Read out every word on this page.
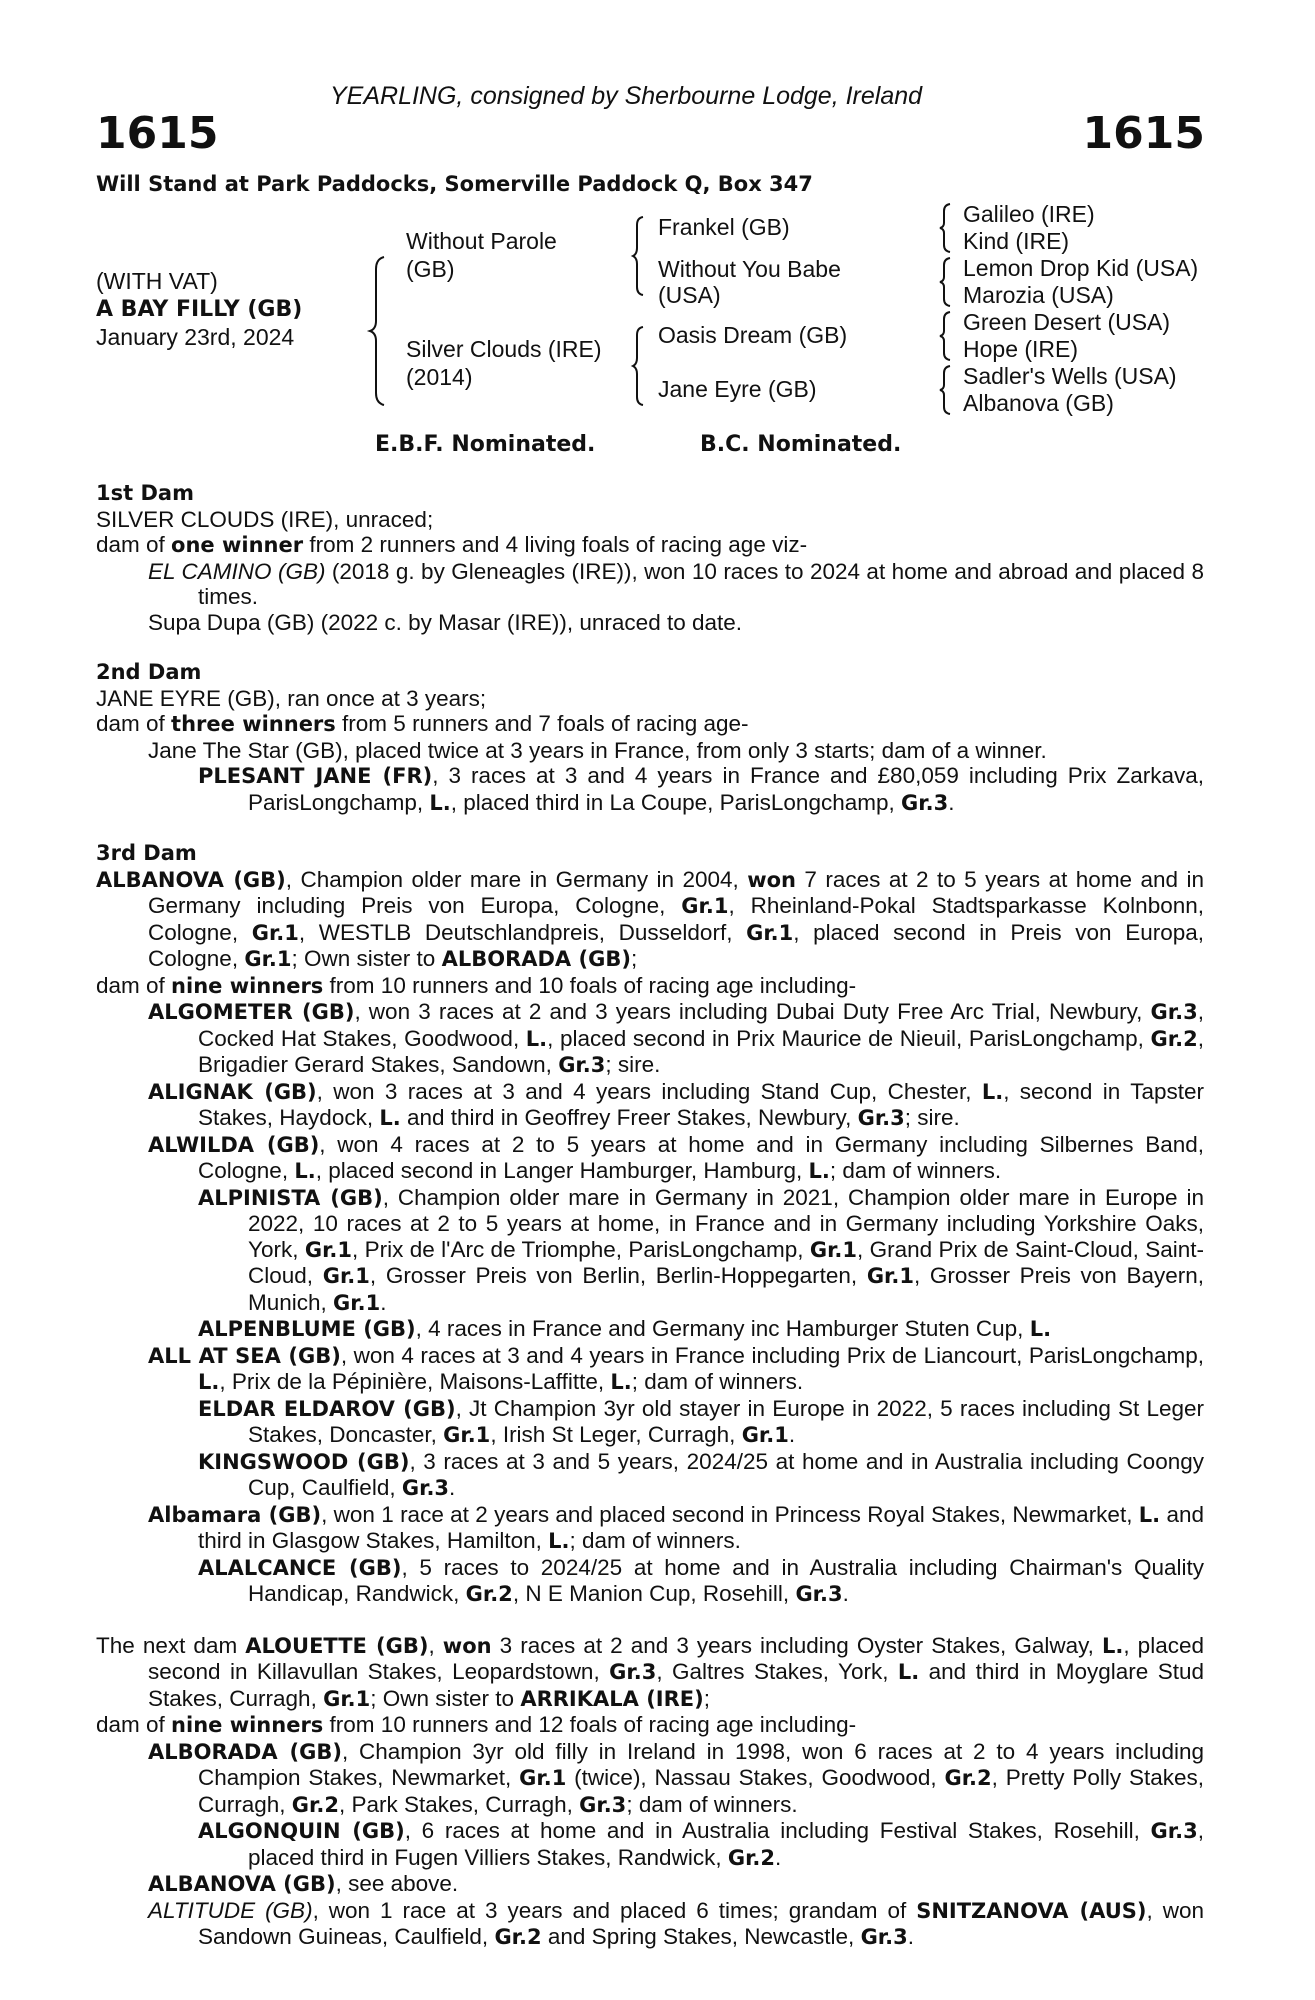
YEARLING, consigned by Sherbourne Lodge, Ireland
1615	1615
Will Stand at Park Paddocks, Somerville Paddock Q, Box 347
(WITH VAT)
A BAY FILLY (GB)
January 23rd, 2024
Without Parole
(GB)
Silver Clouds (IRE)
(2014)
Frankel (GB)
Without You Babe
(USA)
Oasis Dream (GB)
Jane Eyre (GB)
Galileo (IRE)
Kind (IRE)
Lemon Drop Kid (USA)
Marozia (USA)
Green Desert (USA)
Hope (IRE)
Sadler's Wells (USA)
Albanova (GB)
E.B.F. Nominated.	B.C. Nominated.

1st Dam

SILVER CLOUDS (IRE), unraced;

dam of one winner from 2 runners and 4 living foals of racing age viz-

EL CAMINO (GB) (2018 g. by Gleneagles (IRE)), won 10 races to 2024 at home and abroad and placed 8 times.

Supa Dupa (GB) (2022 c. by Masar (IRE)), unraced to date.

2nd Dam

JANE EYRE (GB), ran once at 3 years;

dam of three winners from 5 runners and 7 foals of racing age-

Jane The Star (GB), placed twice at 3 years in France, from only 3 starts; dam of a winner.

PLESANT JANE (FR), 3 races at 3 and 4 years in France and £80,059 including Prix Zarkava, ParisLongchamp, L., placed third in La Coupe, ParisLongchamp, Gr.3.

3rd Dam

ALBANOVA (GB), Champion older mare in Germany in 2004, won 7 races at 2 to 5 years at home and in Germany including Preis von Europa, Cologne, Gr.1, Rheinland-Pokal Stadtsparkasse Kolnbonn, Cologne, Gr.1, WESTLB Deutschlandpreis, Dusseldorf, Gr.1, placed second in Preis von Europa, Cologne, Gr.1; Own sister to ALBORADA (GB);

dam of nine winners from 10 runners and 10 foals of racing age including-

ALGOMETER (GB), won 3 races at 2 and 3 years including Dubai Duty Free Arc Trial, Newbury, Gr.3, Cocked Hat Stakes, Goodwood, L., placed second in Prix Maurice de Nieuil, ParisLongchamp, Gr.2, Brigadier Gerard Stakes, Sandown, Gr.3; sire.

ALIGNAK (GB), won 3 races at 3 and 4 years including Stand Cup, Chester, L., second in Tapster Stakes, Haydock, L. and third in Geoffrey Freer Stakes, Newbury, Gr.3; sire.

ALWILDA (GB), won 4 races at 2 to 5 years at home and in Germany including Silbernes Band, Cologne, L., placed second in Langer Hamburger, Hamburg, L.; dam of winners.

ALPINISTA (GB), Champion older mare in Germany in 2021, Champion older mare in Europe in 2022, 10 races at 2 to 5 years at home, in France and in Germany including Yorkshire Oaks, York, Gr.1, Prix de l'Arc de Triomphe, ParisLongchamp, Gr.1, Grand Prix de Saint-Cloud, Saint-Cloud, Gr.1, Grosser Preis von Berlin, Berlin-Hoppegarten, Gr.1, Grosser Preis von Bayern, Munich, Gr.1.

ALPENBLUME (GB), 4 races in France and Germany inc Hamburger Stuten Cup, L.

ALL AT SEA (GB), won 4 races at 3 and 4 years in France including Prix de Liancourt, ParisLongchamp, L., Prix de la Pépinière, Maisons-Laffitte, L.; dam of winners.

ELDAR ELDAROV (GB), Jt Champion 3yr old stayer in Europe in 2022, 5 races including St Leger Stakes, Doncaster, Gr.1, Irish St Leger, Curragh, Gr.1.

KINGSWOOD (GB), 3 races at 3 and 5 years, 2024/25 at home and in Australia including Coongy Cup, Caulfield, Gr.3.

Albamara (GB), won 1 race at 2 years and placed second in Princess Royal Stakes, Newmarket, L. and third in Glasgow Stakes, Hamilton, L.; dam of winners.

ALALCANCE (GB), 5 races to 2024/25 at home and in Australia including Chairman's Quality Handicap, Randwick, Gr.2, N E Manion Cup, Rosehill, Gr.3.

The next dam ALOUETTE (GB), won 3 races at 2 and 3 years including Oyster Stakes, Galway, L., placed second in Killavullan Stakes, Leopardstown, Gr.3, Galtres Stakes, York, L. and third in Moyglare Stud Stakes, Curragh, Gr.1; Own sister to ARRIKALA (IRE);

dam of nine winners from 10 runners and 12 foals of racing age including-

ALBORADA (GB), Champion 3yr old filly in Ireland in 1998, won 6 races at 2 to 4 years including Champion Stakes, Newmarket, Gr.1 (twice), Nassau Stakes, Goodwood, Gr.2, Pretty Polly Stakes, Curragh, Gr.2, Park Stakes, Curragh, Gr.3; dam of winners.

ALGONQUIN (GB), 6 races at home and in Australia including Festival Stakes, Rosehill, Gr.3, placed third in Fugen Villiers Stakes, Randwick, Gr.2.

ALBANOVA (GB), see above.

ALTITUDE (GB), won 1 race at 3 years and placed 6 times; grandam of SNITZANOVA (AUS), won Sandown Guineas, Caulfield, Gr.2 and Spring Stakes, Newcastle, Gr.3.
